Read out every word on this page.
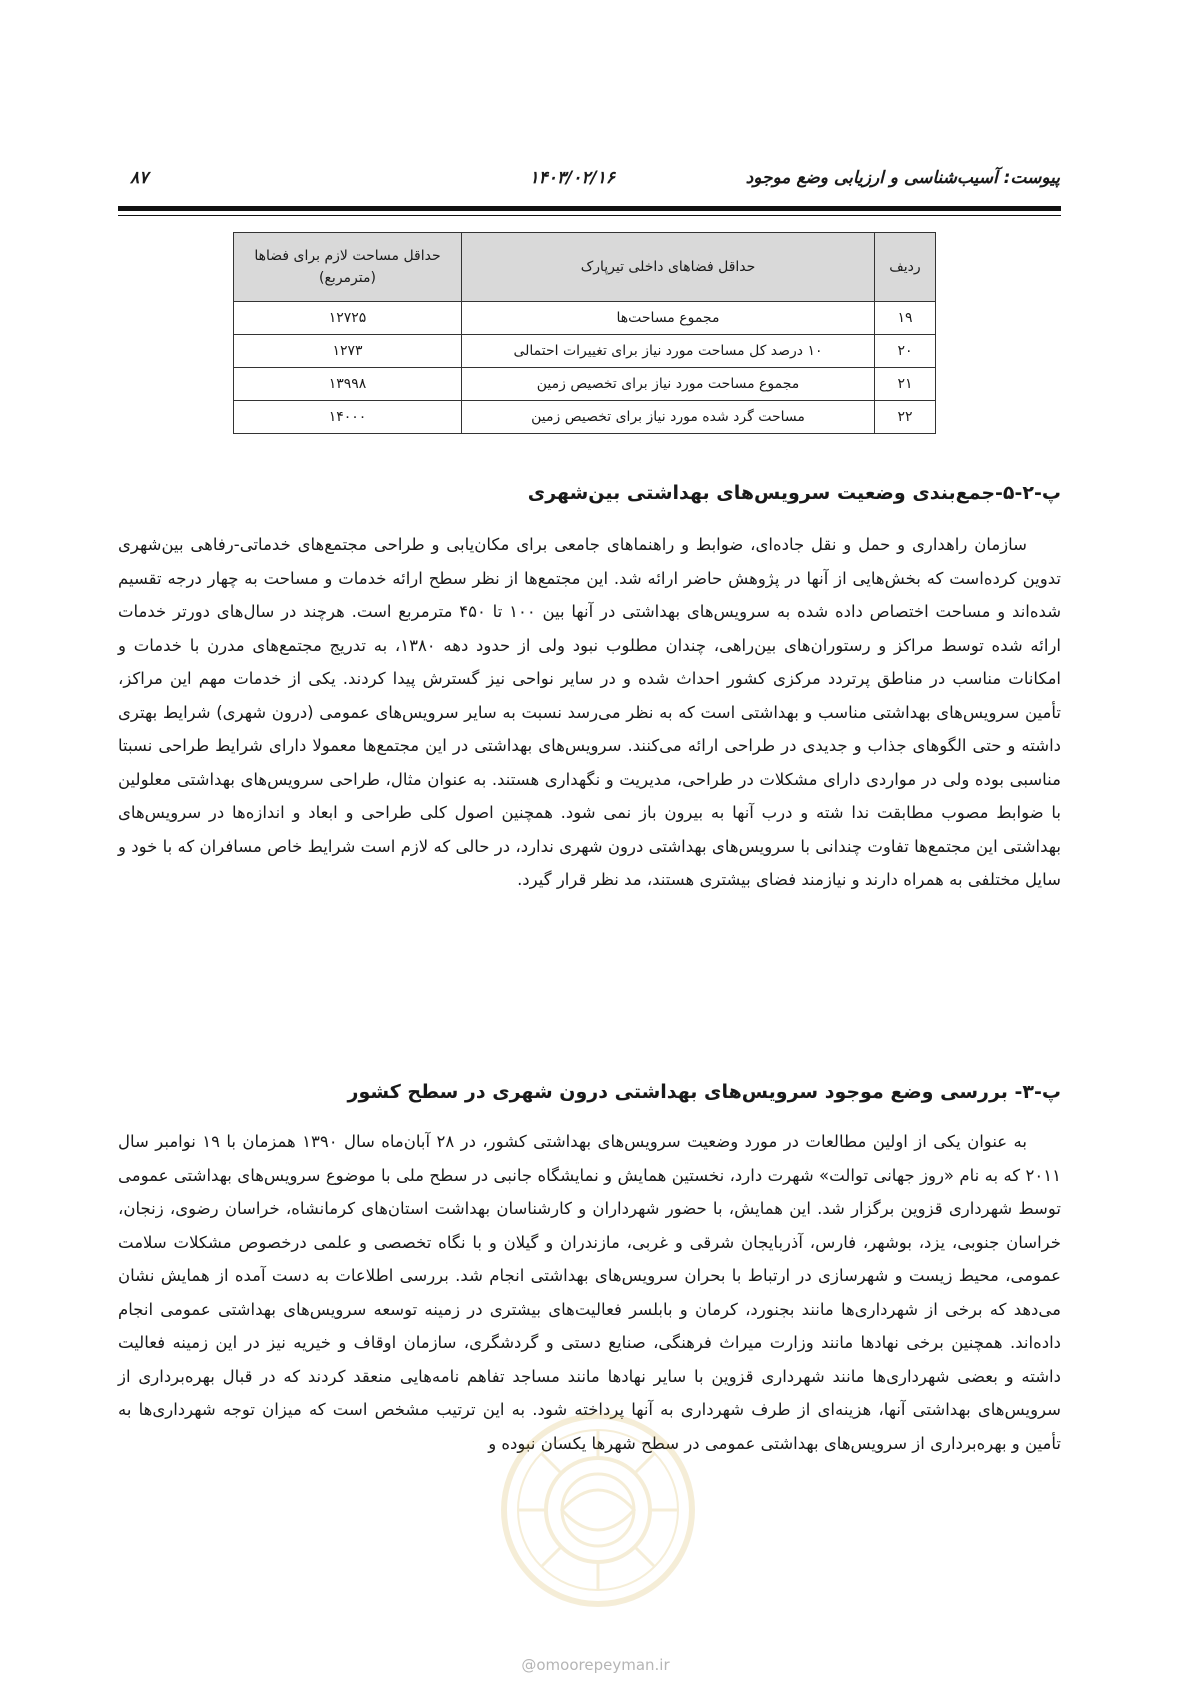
پیوست: آسیب‌شناسی و ارزیابی وضع موجود
۱۴۰۳/۰۲/۱۶
۸۷
ردیف	حداقل فضاهای داخلی تیرپارک	حداقل مساحت لازم برای فضاها (مترمربع)
۱۹	مجموع مساحت‌ها	۱۲۷۲۵
۲۰	۱۰ درصد کل مساحت مورد نیاز برای تغییرات احتمالی	۱۲۷۳
۲۱	مجموع مساحت مورد نیاز برای تخصیص زمین	۱۳۹۹۸
۲۲	مساحت گرد شده مورد نیاز برای تخصیص زمین	۱۴۰۰۰
پ-۲-۵-جمع‌بندی وضعیت سرویس‌های بهداشتی بین‌شهری

سازمان راهداری و حمل و نقل جاده‌ای، ضوابط و راهنماهای جامعی برای مکان‌یابی و طراحی مجتمع‌های خدماتی-رفاهی بین‌شهری تدوین کرده‌است که بخش‌هایی از آنها در پژوهش حاضر ارائه شد. این مجتمع‌ها از نظر سطح ارائه خدمات و مساحت به چهار درجه تقسیم شده‌اند و مساحت اختصاص داده شده به سرویس‌های بهداشتی در آنها بین ۱۰۰ تا ۴۵۰ مترمربع است. هرچند در سال‌های دورتر خدمات ارائه شده توسط مراکز و رستوران‌های بین‌راهی، چندان مطلوب نبود ولی از حدود دهه ۱۳۸۰، به تدریج مجتمع‌های مدرن با خدمات و امکانات مناسب در مناطق پرتردد مرکزی کشور احداث شده و در سایر نواحی نیز گسترش پیدا کردند. یکی از خدمات مهم این مراکز، تأمین سرویس‌های بهداشتی مناسب و بهداشتی است که به نظر می‌رسد نسبت به سایر سرویس‌های عمومی (درون شهری) شرایط بهتری داشته و حتی الگوهای جذاب و جدیدی در طراحی ارائه می‌کنند. سرویس‌های بهداشتی در این مجتمع‌ها معمولا دارای شرایط طراحی نسبتا مناسبی بوده ولی در مواردی دارای مشکلات در طراحی، مدیریت و نگهداری هستند. به عنوان مثال، طراحی سرویس‌های بهداشتی معلولین با ضوابط مصوب مطابقت ندا شته و درب آنها به بیرون باز نمی شود. همچنین اصول کلی طراحی و ابعاد و اندازه‌ها در سرویس‌های بهداشتی این مجتمع‌ها تفاوت چندانی با سرویس‌های بهداشتی درون شهری ندارد، در حالی که لازم است شرایط خاص مسافران که با خود و سایل مختلفی به همراه دارند و نیازمند فضای بیشتری هستند، مد نظر قرار گیرد.

پ-۳- بررسی وضع موجود سرویس‌های بهداشتی درون شهری در سطح کشور

به عنوان یکی از اولین مطالعات در مورد وضعیت سرویس‌های بهداشتی کشور، در ۲۸ آبان‌ماه سال ۱۳۹۰ همزمان با ۱۹ نوامبر سال ۲۰۱۱ که به نام «روز جهانی توالت» شهرت دارد، نخستین همایش و نمایشگاه جانبی در سطح ملی با موضوع سرویس‌های بهداشتی عمومی توسط شهرداری قزوین برگزار شد. این همایش، با حضور شهرداران و کارشناسان بهداشت استان‌های کرمانشاه، خراسان رضوی، زنجان، خراسان جنوبی، یزد، بوشهر، فارس، آذربایجان شرقی و غربی، مازندران و گیلان و با نگاه تخصصی و علمی درخصوص مشکلات سلامت عمومی، محیط زیست و شهرسازی در ارتباط با بحران سرویس‌های بهداشتی انجام شد. بررسی اطلاعات به دست آمده از همایش نشان می‌دهد که برخی از شهرداری‌ها مانند بجنورد، کرمان و بابلسر فعالیت‌های بیشتری در زمینه توسعه سرویس‌های بهداشتی عمومی انجام داده‌اند. همچنین برخی نهادها مانند وزارت میراث فرهنگی، صنایع دستی و گردشگری، سازمان اوقاف و خیریه نیز در این زمینه فعالیت داشته و بعضی شهرداری‌ها مانند شهرداری قزوین با سایر نهادها مانند مساجد تفاهم نامه‌هایی منعقد کردند که در قبال بهره‌برداری از سرویس‌های بهداشتی آنها، هزینه‌ای از طرف شهرداری به آنها پرداخته شود. به این ترتیب مشخص است که میزان توجه شهرداری‌ها به تأمین و بهره‌برداری از سرویس‌های بهداشتی عمومی در سطح شهرها یکسان نبوده و

@omoorepeyman.ir
